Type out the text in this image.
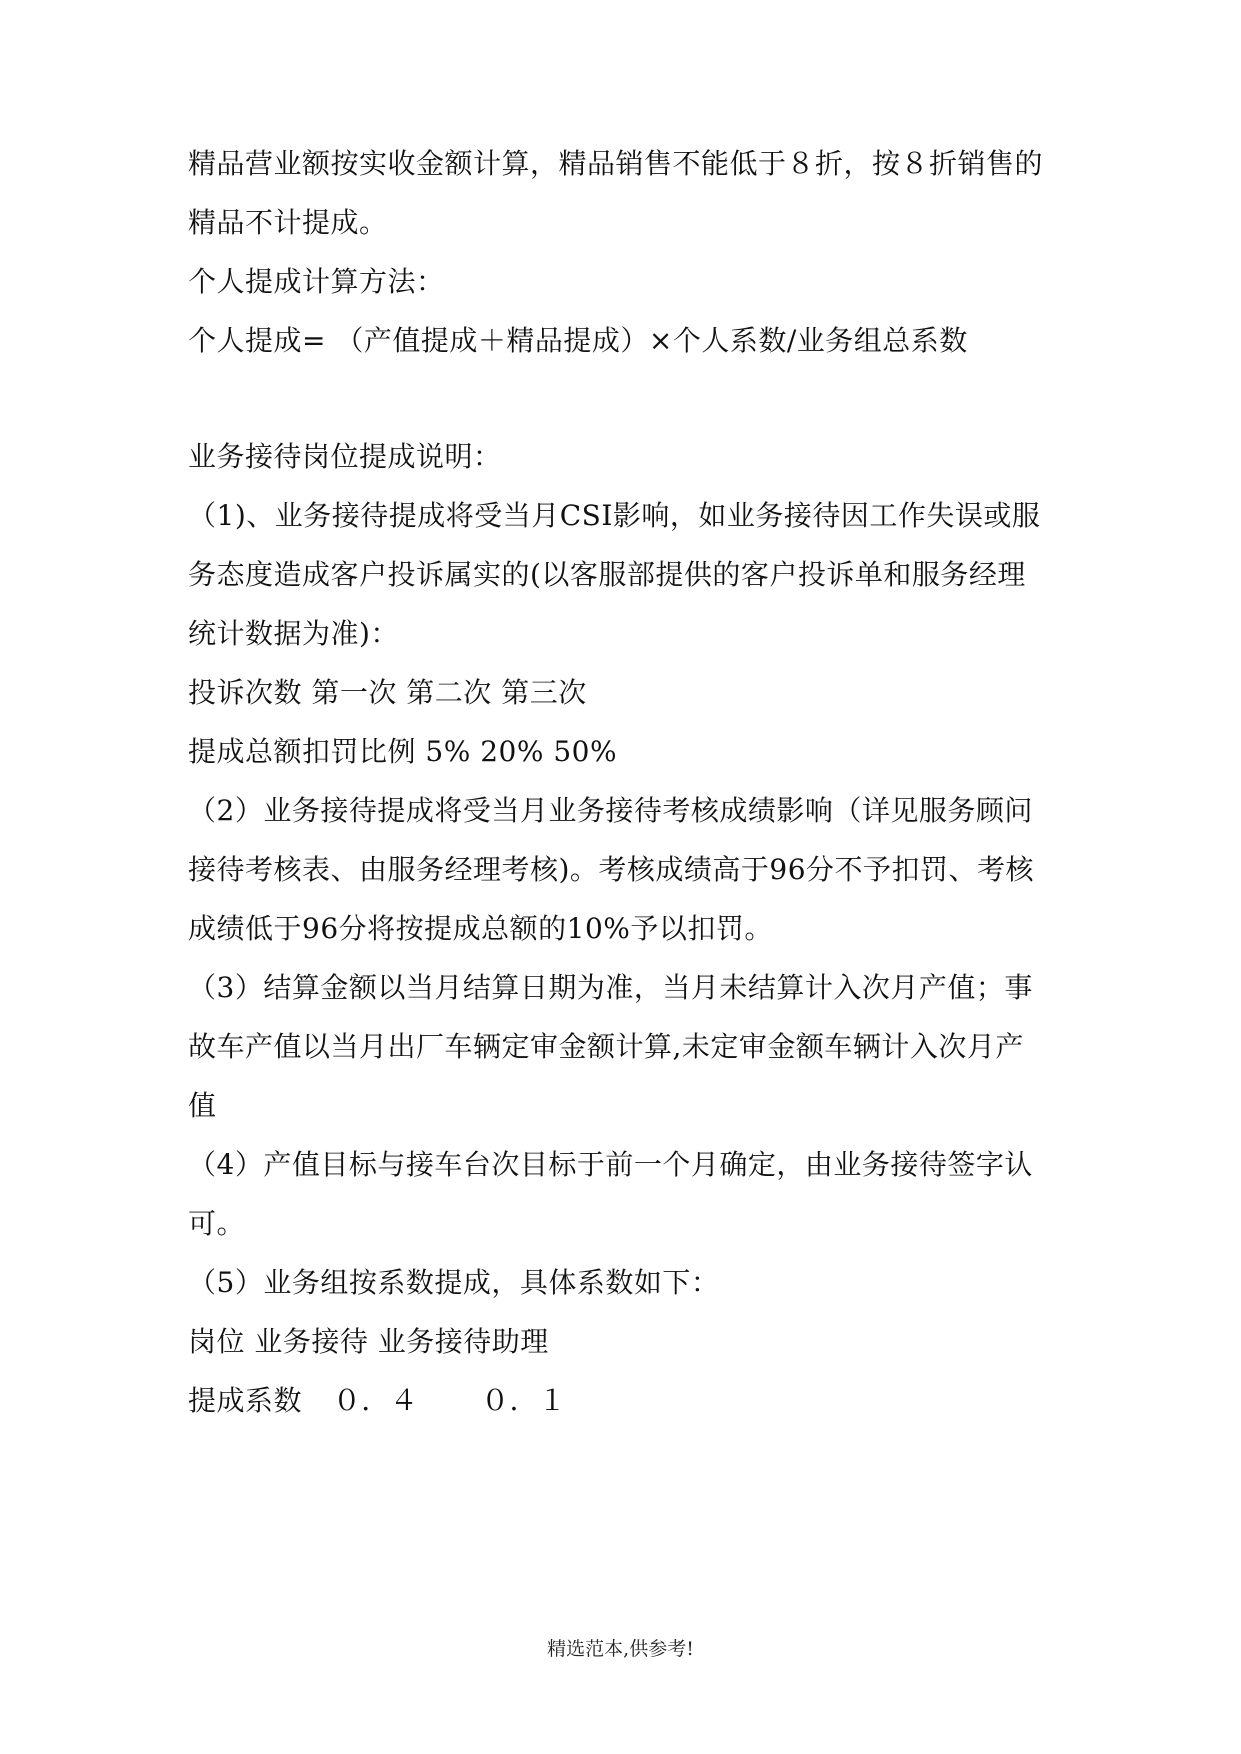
精品营业额按实收金额计算，精品销售不能低于８折，按８折销售的
精品不计提成。
个人提成计算方法：
个人提成= （产值提成＋精品提成）×个人系数/业务组总系数
业务接待岗位提成说明：
（1)、业务接待提成将受当月CSI影响，如业务接待因工作失误或服
务态度造成客户投诉属实的(以客服部提供的客户投诉单和服务经理
统计数据为准)：
投诉次数 第一次 第二次 第三次
提成总额扣罚比例 5% 20% 50%
（2）业务接待提成将受当月业务接待考核成绩影响（详见服务顾问
接待考核表、由服务经理考核)。考核成绩高于96分不予扣罚、考核
成绩低于96分将按提成总额的10%予以扣罚。
（3）结算金额以当月结算日期为准，当月未结算计入次月产值；事
故车产值以当月出厂车辆定审金额计算,未定审金额车辆计入次月产
值
（4）产值目标与接车台次目标于前一个月确定，由业务接待签字认
可。
（5）业务组按系数提成，具体系数如下：
岗位 业务接待 业务接待助理
提成系数 ０．４ ０．１
精选范本,供参考!
